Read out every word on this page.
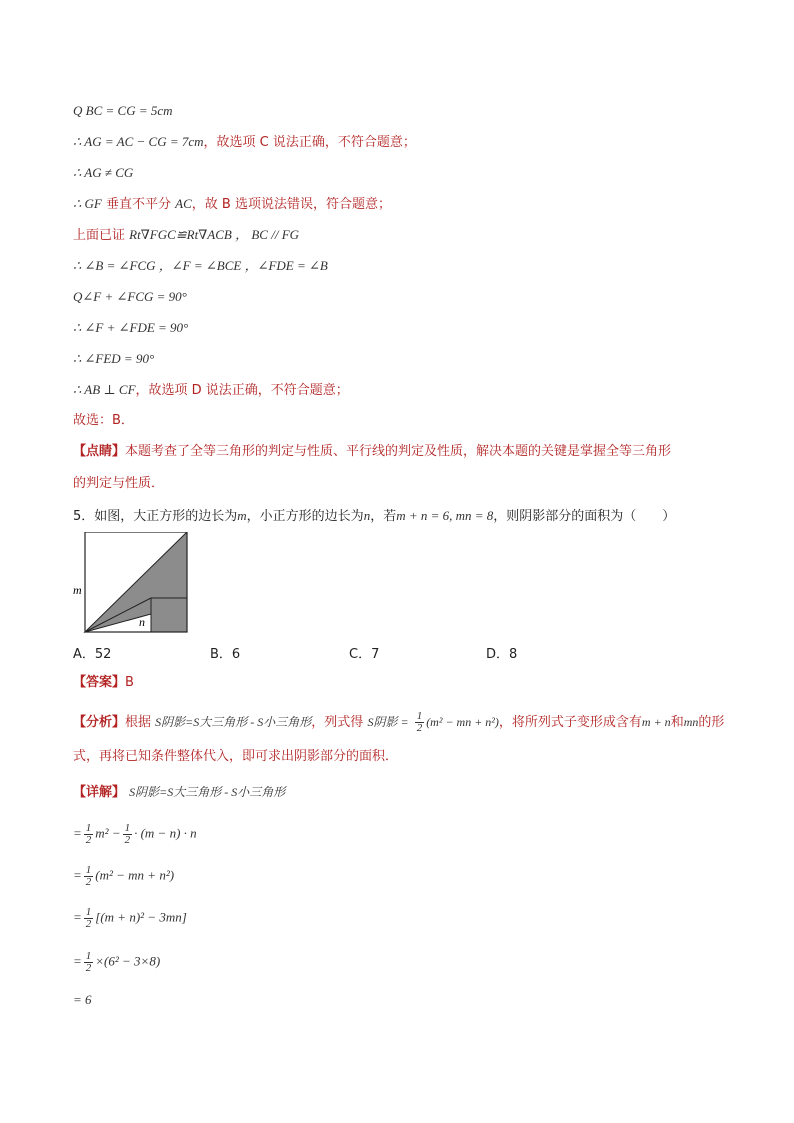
Q BC = CG = 5cm
∴ AG = AC − CG = 7cm，故选项 C 说法正确，不符合题意；
∴ AG ≠ CG
∴ GF 垂直不平分 AC，故 B 选项说法错误，符合题意；
上面已证 Rt∇FGC≌Rt∇ACB ， BC // FG
∴ ∠B = ∠FCG ，∠F = ∠BCE ，∠FDE = ∠B
Q∠F + ∠FCG = 90°
∴ ∠F + ∠FDE = 90°
∴ ∠FED = 90°
∴ AB ⊥ CF，故选项 D 说法正确，不符合题意；
故选：B．
【点睛】本题考查了全等三角形的判定与性质、平行线的判定及性质，解决本题的关键是掌握全等三角形
的判定与性质．
5．如图，大正方形的边长为m，小正方形的边长为n，若m + n = 6, mn = 8，则阴影部分的面积为（　　）
m
n
A．52	B．6	C．7	D．8
【答案】B
【分析】根据 S阴影=S大三角形 - S小三角形，列式得 S阴影 = $\frac{1}{2} (m^2$ − mn + n²)，将所列式子变形成含有m + n和mn的形
式，再将已知条件整体代入，即可求出阴影部分的面积．
【详解】 S阴影=S大三角形 - S小三角形
= $\frac{1}{2} m^2 - \frac{1}{2} \cdot (m - n) \cdot n$
= $\frac{1}{2} (m^2$ − mn + n²)
= $\frac{1}{2} [(m + n)^2 - 3mn]$
= $\frac{1}{2} \times(6^2 - 3\times 8)$
= 6
